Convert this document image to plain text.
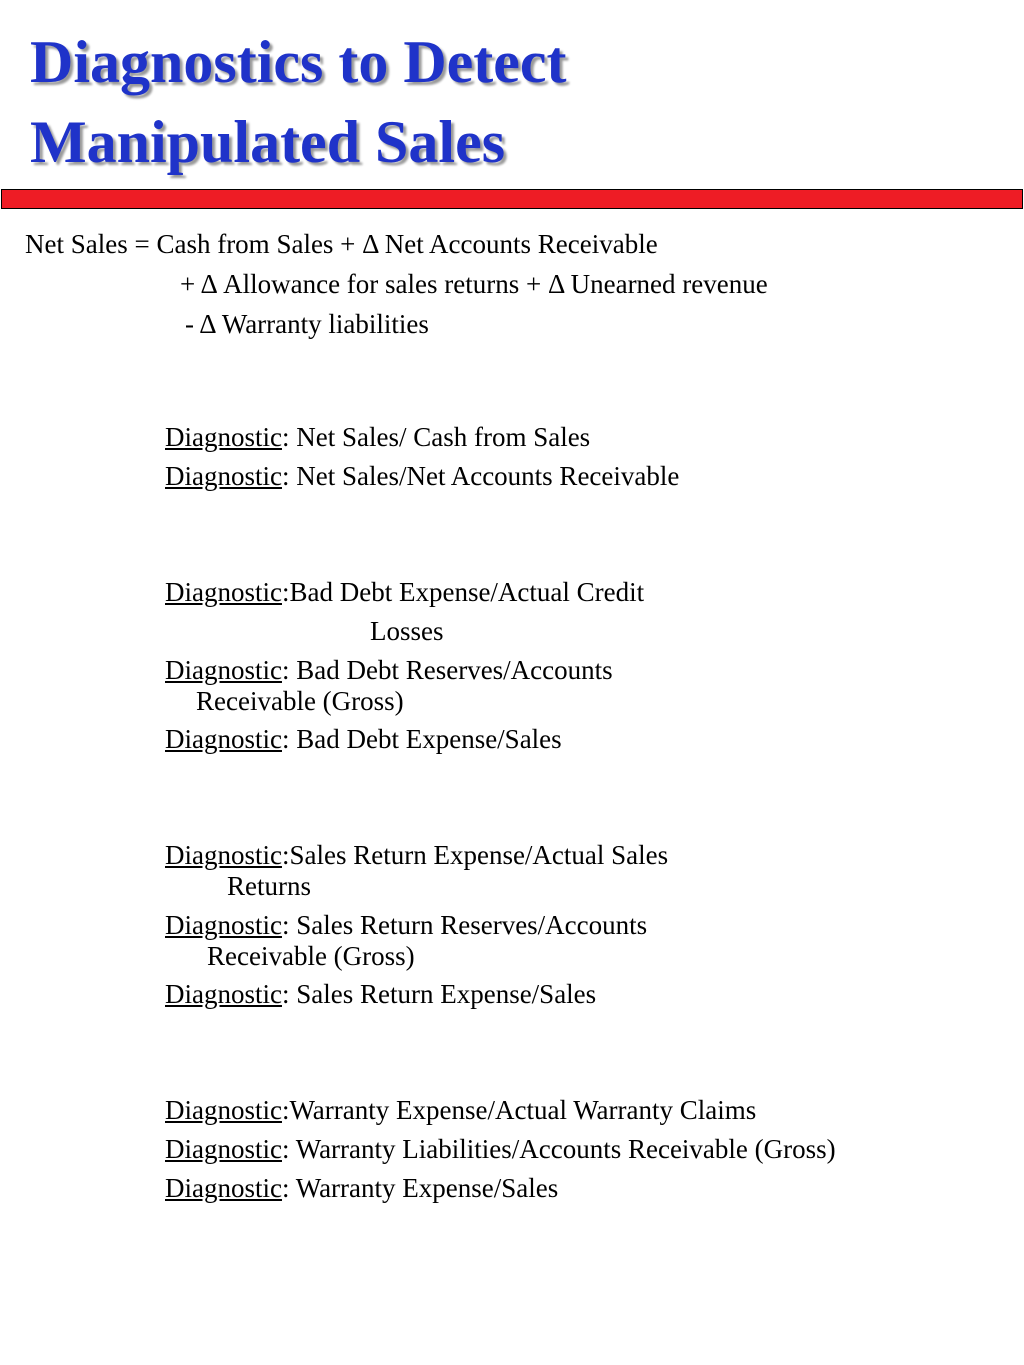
Diagnostics to Detect
Manipulated Sales
Net Sales = Cash from Sales + Δ Net Accounts Receivable
+ Δ Allowance for sales returns + Δ Unearned revenue
- Δ Warranty liabilities
Diagnostic: Net Sales/ Cash from Sales
Diagnostic: Net Sales/Net Accounts Receivable
Diagnostic:Bad Debt Expense/Actual Credit
Losses
Diagnostic: Bad Debt Reserves/Accounts
Receivable (Gross)
Diagnostic: Bad Debt Expense/Sales
Diagnostic:Sales Return Expense/Actual Sales
Returns
Diagnostic: Sales Return Reserves/Accounts
Receivable (Gross)
Diagnostic: Sales Return Expense/Sales
Diagnostic:Warranty Expense/Actual Warranty Claims
Diagnostic: Warranty Liabilities/Accounts Receivable (Gross)
Diagnostic: Warranty Expense/Sales
